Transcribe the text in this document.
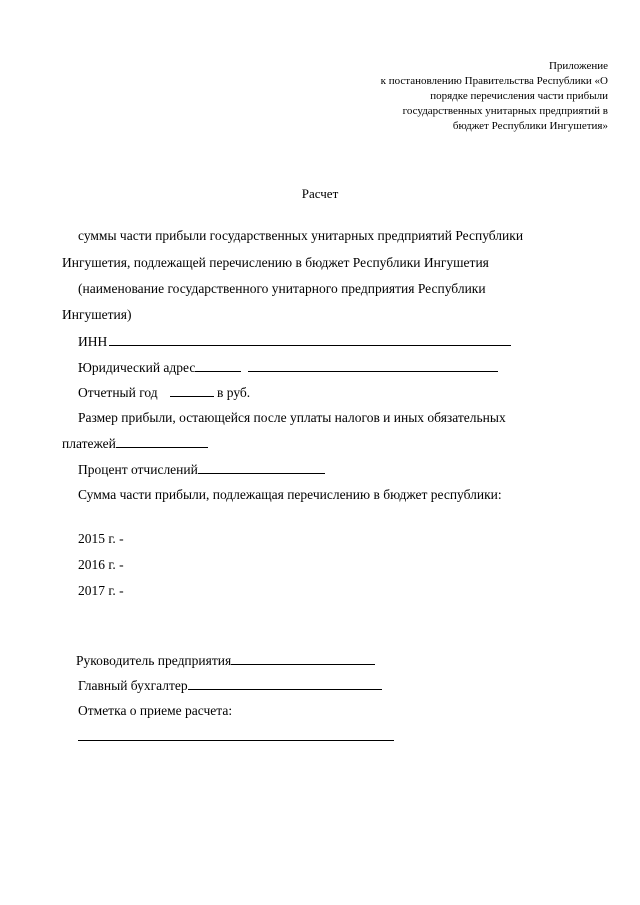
Приложение
к постановлению Правительства Республики «О
порядке перечисления части прибыли
государственных унитарных предприятий в
бюджет Республики Ингушетия»
Расчет
суммы части прибыли государственных унитарных предприятий Республики
Ингушетия, подлежащей перечислению в бюджет Республики Ингушетия
(наименование государственного унитарного предприятия Республики
Ингушетия)
ИНН
Юридический адрес
Отчетный год	в руб.
Размер прибыли, остающейся после уплаты налогов и иных обязательных
платежей
Процент отчислений
Сумма части прибыли, подлежащая перечислению в бюджет республики:
2015 г. -
2016 г. -
2017 г. -
Руководитель предприятия
Главный бухгалтер
Отметка о приеме расчета:
